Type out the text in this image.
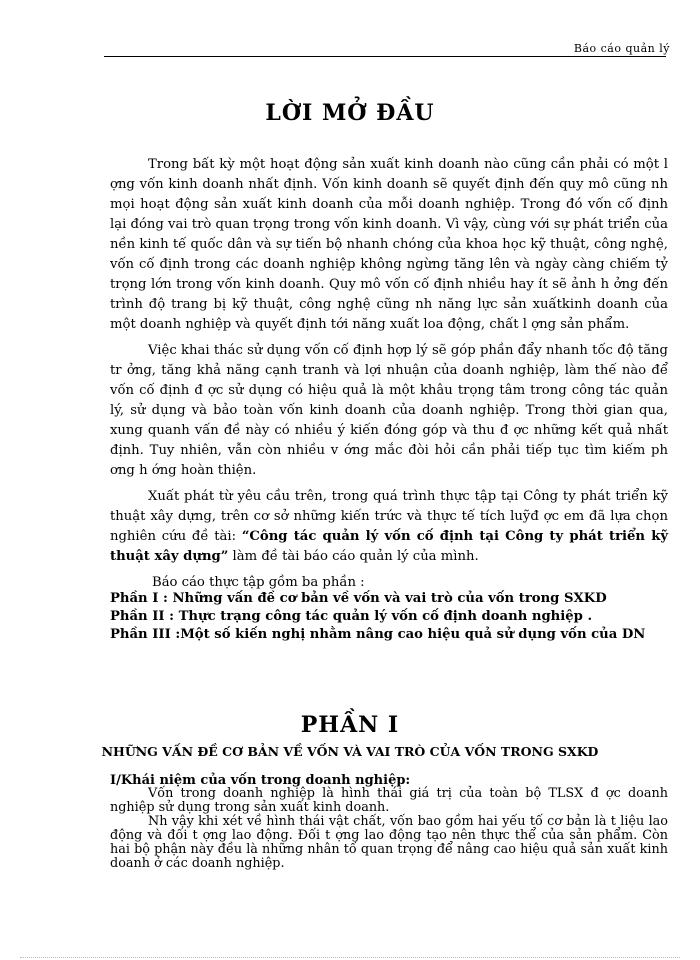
Báo cáo quản lý
LỜI MỞ ĐẦU

Trong bất kỳ một hoạt động sản xuất kinh doanh nào cũng cần phải có một l ợng vốn kinh doanh nhất định. Vốn kinh doanh sẽ quyết định đến quy mô cũng nh mọi hoạt động sản xuất kinh doanh của mỗi doanh nghiệp. Trong đó vốn cố định lại đóng vai trò quan trọng trong vốn kinh doanh. Vì vậy, cùng với sự phát triển của nền kinh tế quốc dân và sự tiến bộ nhanh chóng của khoa học kỹ thuật, công nghệ, vốn cố định trong các doanh nghiệp không ngừng tăng lên và ngày càng chiếm tỷ trọng lớn trong vốn kinh doanh. Quy mô vốn cố định nhiều hay ít sẽ ảnh h ởng đến trình độ trang bị kỹ thuật, công nghệ cũng nh năng lực sản xuấtkinh doanh của một doanh nghiệp và quyết định tới năng xuất loa động, chất l ợng sản phẩm.

Việc khai thác sử dụng vốn cố định hợp lý sẽ góp phần đẩy nhanh tốc độ tăng tr ởng, tăng khả năng cạnh tranh và lợi nhuận của doanh nghiệp, làm thế nào để vốn cố định đ ợc sử dụng có hiệu quả là một khâu trọng tâm trong công tác quản lý, sử dụng và bảo toàn vốn kinh doanh của doanh nghiệp. Trong thời gian qua, xung quanh vấn đề này có nhiều ý kiến đóng góp và thu đ ợc những kết quả nhất định. Tuy nhiên, vẫn còn nhiều v ớng mắc đòi hỏi cần phải tiếp tục tìm kiếm ph ơng h ớng hoàn thiện.

Xuất phát từ yêu cầu trên, trong quá trình thực tập tại Công ty phát triển kỹ thuật xây dựng, trên cơ sở những kiến trức và thực tế tích luỹđ ợc em đã lựa chọn nghiên cứu đề tài: “Công tác quản lý vốn cố định tại Công ty phát triển kỹ thuật xây dựng” làm đề tài báo cáo quản lý của mình.

Báo cáo thực tập gồm ba phần :

Phần I : Những vấn đề cơ bản về vốn và vai trò của vốn trong SXKD
Phần II : Thực trạng công tác quản lý vốn cố định doanh nghiệp .
Phần III :Một số kiến nghị nhằm nâng cao hiệu quả sử dụng vốn của DN
PHẦN I
NHỮNG VẤN ĐỀ CƠ BẢN VỀ VỐN VÀ VAI TRÒ CỦA VỐN TRONG SXKD
I/Khái niệm của vốn trong doanh nghiệp:

Vốn trong doanh nghiệp là hình thái giá trị của toàn bộ TLSX đ ợc doanh nghiệp sử dụng trong sản xuất kinh doanh.

Nh vậy khi xét về hình thái vật chất, vốn bao gồm hai yếu tố cơ bản là t liệu lao động và đối t ợng lao động. Đối t ợng lao động tạo nên thực thể của sản phẩm. Còn hai bộ phận này đều là những nhân tố quan trọng để nâng cao hiệu quả sản xuất kinh doanh ở các doanh nghiệp.
